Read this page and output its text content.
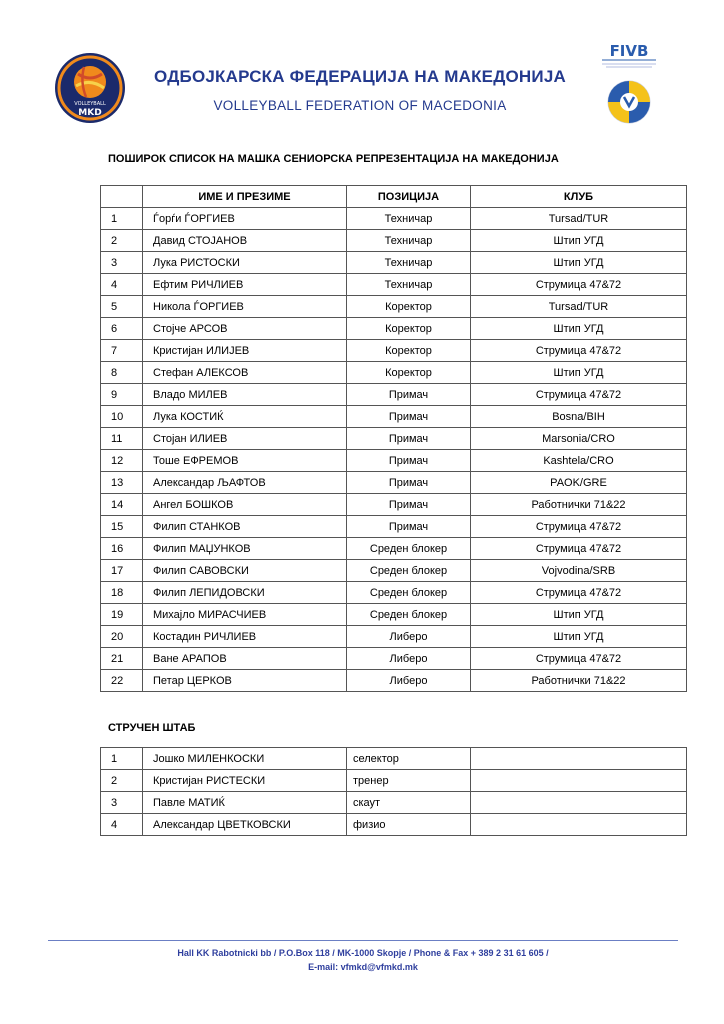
VOLLEYBALL
MKD
ОДБОЈКАРСКА ФЕДЕРАЦИЈА НА МАКЕДОНИЈА
VOLLEYBALL FEDERATION OF MACEDONIA
FIVB
ПОШИРОК СПИСОК НА МАШКА СЕНИОРСКА РЕПРЕЗЕНТАЦИЈА НА МАКЕДОНИЈА
	ИМЕ И ПРЕЗИМЕ	ПОЗИЦИЈА	КЛУБ
1	Ѓорѓи ЃОРГИЕВ	Техничар	Tursad/TUR
2	Давид СТОЈАНОВ	Техничар	Штип УГД
3	Лука РИСТОСКИ	Техничар	Штип УГД
4	Ефтим РИЧЛИЕВ	Техничар	Струмица 47&72
5	Никола ЃОРГИЕВ	Коректор	Tursad/TUR
6	Стојче АРСОВ	Коректор	Штип УГД
7	Кристијан ИЛИЈЕВ	Коректор	Струмица 47&72
8	Стефан АЛЕКСОВ	Коректор	Штип УГД
9	Владо МИЛЕВ	Примач	Струмица 47&72
10	Лука КОСТИЌ	Примач	Bosna/BIH
11	Стојан ИЛИЕВ	Примач	Marsonia/CRO
12	Тоше ЕФРЕМОВ	Примач	Kashtela/CRO
13	Александар ЉАФТОВ	Примач	PAOK/GRE
14	Ангел БОШКОВ	Примач	Работнички 71&22
15	Филип СТАНКОВ	Примач	Струмица 47&72
16	Филип МАЏУНКОВ	Среден блокер	Струмица 47&72
17	Филип САВОВСКИ	Среден блокер	Vojvodina/SRB
18	Филип ЛЕПИДОВСКИ	Среден блокер	Струмица 47&72
19	Михајло МИРАСЧИЕВ	Среден блокер	Штип УГД
20	Костадин РИЧЛИЕВ	Либеро	Штип УГД
21	Ване АРАПОВ	Либеро	Струмица 47&72
22	Петар ЦЕРКОВ	Либеро	Работнички 71&22
СТРУЧЕН ШТАБ
1	Јошко МИЛЕНКОСКИ	селектор	
2	Кристијан РИСТЕСКИ	тренер	
3	Павле МАТИЌ	скаут	
4	Александар ЦВЕТКОВСКИ	физио	
Hall KK Rabotnicki bb / P.O.Box 118 / MK-1000 Skopje / Phone & Fax + 389 2 31 61 605 /
E-mail: vfmkd@vfmkd.mk
